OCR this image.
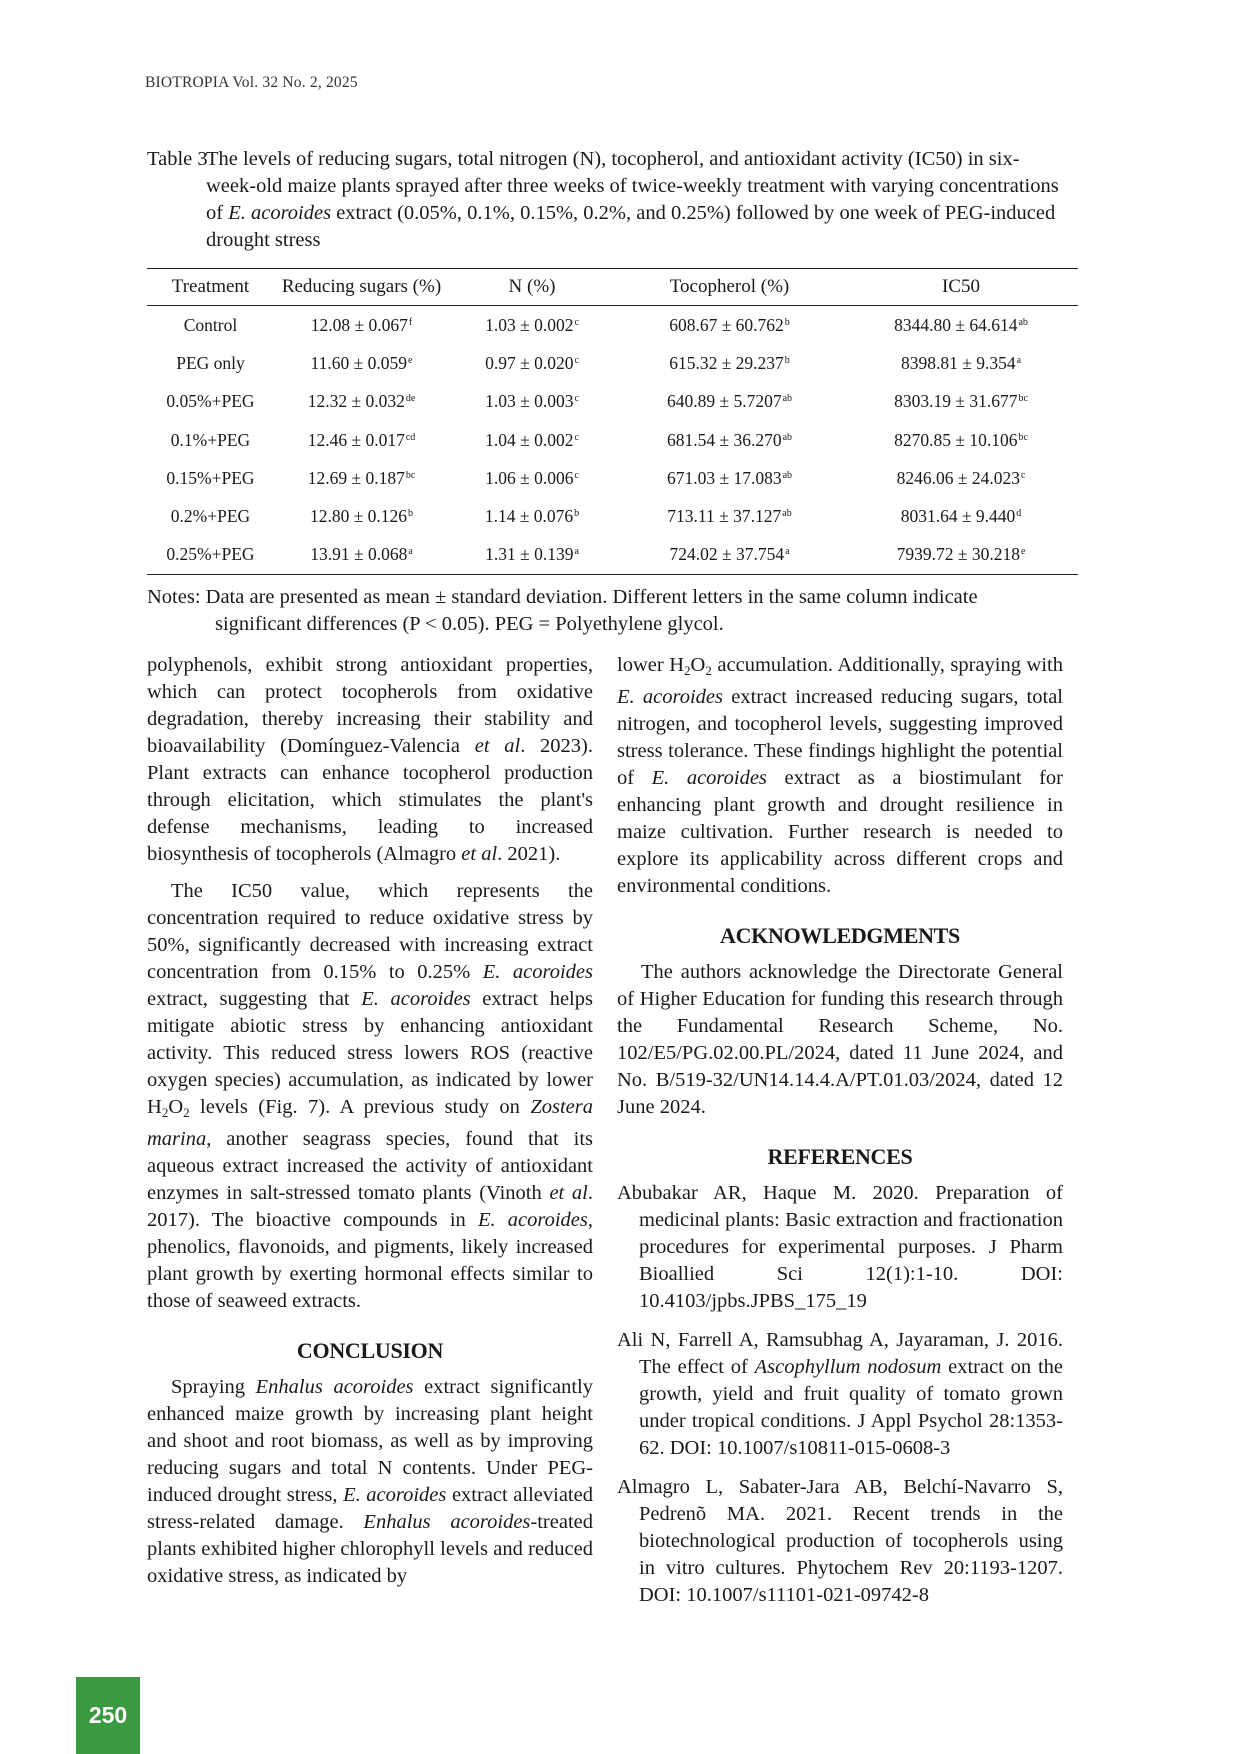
BIOTROPIA Vol. 32 No. 2, 2025
Table 3
The levels of reducing sugars, total nitrogen (N), tocopherol, and antioxidant activity (IC50) in six-week-old maize plants sprayed after three weeks of twice-weekly treatment with varying concentrations of E. acoroides extract (0.05%, 0.1%, 0.15%, 0.2%, and 0.25%) followed by one week of PEG-induced drought stress
Treatment	Reducing sugars (%)	N (%)	Tocopherol (%)	IC50
Control	12.08 ± 0.067$^f$	1.03 ± 0.002$^c$	608.67 ± 60.762$^b$	8344.80 ± 64.614$^{ab}$
PEG only	11.60 ± 0.059$^e$	0.97 ± 0.020$^c$	615.32 ± 29.237$^b$	8398.81 ± 9.354$^a$
0.05%+PEG	12.32 ± 0.032de	1.03 ± 0.003$^c$	640.89 ± 5.7207$^{ab}$	8303.19 ± 31.677$^{bc}$
0.1%+PEG	12.46 ± 0.017$^{cd}$	1.04 ± 0.002$^c$	681.54 ± 36.270$^{ab}$	8270.85 ± 10.106$^{bc}$
0.15%+PEG	12.69 ± 0.187$^{bc}$	1.06 ± 0.006$^c$	671.03 ± 17.083$^{ab}$	8246.06 ± 24.023$^c$
0.2%+PEG	12.80 ± 0.126$^b$	1.14 ± 0.076$^b$	713.11 ± 37.127$^{ab}$	8031.64 ± 9.440$^d$
0.25%+PEG	13.91 ± 0.068$^a$	1.31 ± 0.139$^a$	724.02 ± 37.754$^a$	7939.72 ± 30.218$^e$
Notes: Data are presented as mean ± standard deviation. Different letters in the same column indicate
significant differences (P < 0.05). PEG = Polyethylene glycol.

polyphenols, exhibit strong antioxidant properties, which can protect tocopherols from oxidative degradation, thereby increasing their stability and bioavailability (Domínguez-Valencia et al. 2023). Plant extracts can enhance tocopherol production through elicitation, which stimulates the plant's defense mechanisms, leading to increased biosynthesis of tocopherols (Almagro et al. 2021).

The IC50 value, which represents the concentration required to reduce oxidative stress by 50%, significantly decreased with increasing extract concentration from 0.15% to 0.25% E. acoroides extract, suggesting that E. acoroides extract helps mitigate abiotic stress by enhancing antioxidant activity. This reduced stress lowers ROS (reactive oxygen species) accumulation, as indicated by lower $H_2O_2$ levels (Fig. 7). A previous study on Zostera marina, another seagrass species, found that its aqueous extract increased the activity of antioxidant enzymes in salt-stressed tomato plants (Vinoth et al. 2017). The bioactive compounds in E. acoroides, phenolics, flavonoids, and pigments, likely increased plant growth by exerting hormonal effects similar to those of seaweed extracts.

CONCLUSION

Spraying Enhalus acoroides extract significantly enhanced maize growth by increasing plant height and shoot and root biomass, as well as by improving reducing sugars and total N contents. Under PEG-induced drought stress, E. acoroides extract alleviated stress-related damage. Enhalus acoroides-treated plants exhibited higher chlorophyll levels and reduced oxidative stress, as indicated by

lower $H_2O_2$ accumulation. Additionally, spraying with E. acoroides extract increased reducing sugars, total nitrogen, and tocopherol levels, suggesting improved stress tolerance. These findings highlight the potential of E. acoroides extract as a biostimulant for enhancing plant growth and drought resilience in maize cultivation. Further research is needed to explore its applicability across different crops and environmental conditions.

ACKNOWLEDGMENTS

The authors acknowledge the Directorate General of Higher Education for funding this research through the Fundamental Research Scheme, No. 102/E5/PG.02.00.PL/2024, dated 11 June 2024, and No. B/519-32/UN14.14.4.A/PT.01.03/2024, dated 12 June 2024.

REFERENCES

Abubakar AR, Haque M. 2020. Preparation of medicinal plants: Basic extraction and fractionation procedures for experimental purposes. J Pharm Bioallied Sci 12(1):1-10. DOI: 10.4103/jpbs.JPBS_175_19

Ali N, Farrell A, Ramsubhag A, Jayaraman, J. 2016. The effect of Ascophyllum nodosum extract on the growth, yield and fruit quality of tomato grown under tropical conditions. J Appl Psychol 28:1353-62. DOI: 10.1007/s10811-015-0608-3

Almagro L, Sabater-Jara AB, Belchí-Navarro S, Pedrenõ MA. 2021. Recent trends in the biotechnological production of tocopherols using in vitro cultures. Phytochem Rev 20:1193-1207. DOI: 10.1007/s11101-021-09742-8

250
